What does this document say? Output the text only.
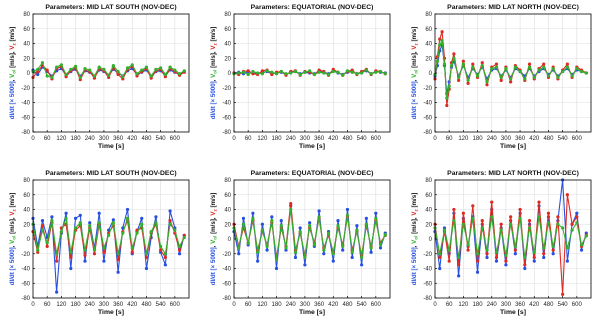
0 60 120 180 240 300 360 420 480 540 600
-80
-60
-40
-20
0
20
40
60
80
Parameters: MID LAT SOUTH (NOV-DEC)
Time [s]
dI/dt [× 5000], $V_{ol}$ [m/s], $V_z$ [m/s]
0 60 120 180 240 300 360 420 480 540 600
-80
-60
-40
-20
0
20
40
60
80
Parameters: EQUATORIAL (NOV-DEC)
Time [s]
dI/dt [× 5000], $V_{ol}$ [m/s], $V_z$ [m/s]
0 60 120 180 240 300 360 420 480 540 600
-80
-60
-40
-20
0
20
40
60
80
Parameters: MID LAT NORTH (NOV-DEC)
Time [s]
dI/dt [× 5000], $V_{ol}$ [m/s], $V_z$ [m/s]
0 60 120 180 240 300 360 420 480 540 600
-80
-60
-40
-20
0
20
40
60
80
Parameters: MID LAT SOUTH (NOV-DEC)
Time [s]
dI/dt [× 5000], $V_{ol}$ [m/s], $V_z$ [m/s]
0 60 120 180 240 300 360 420 480 540 600
-80
-60
-40
-20
0
20
40
60
80
Parameters: EQUATORIAL (NOV-DEC)
Time [s]
dI/dt [× 5000], $V_{ol}$ [m/s], $V_z$ [m/s]
0 60 120 180 240 300 360 420 480 540 600
-80
-60
-40
-20
0
20
40
60
80
Parameters: MID LAT NORTH (NOV-DEC)
Time [s]
dI/dt [× 5000], $V_{ol}$ [m/s], $V_z$ [m/s]
